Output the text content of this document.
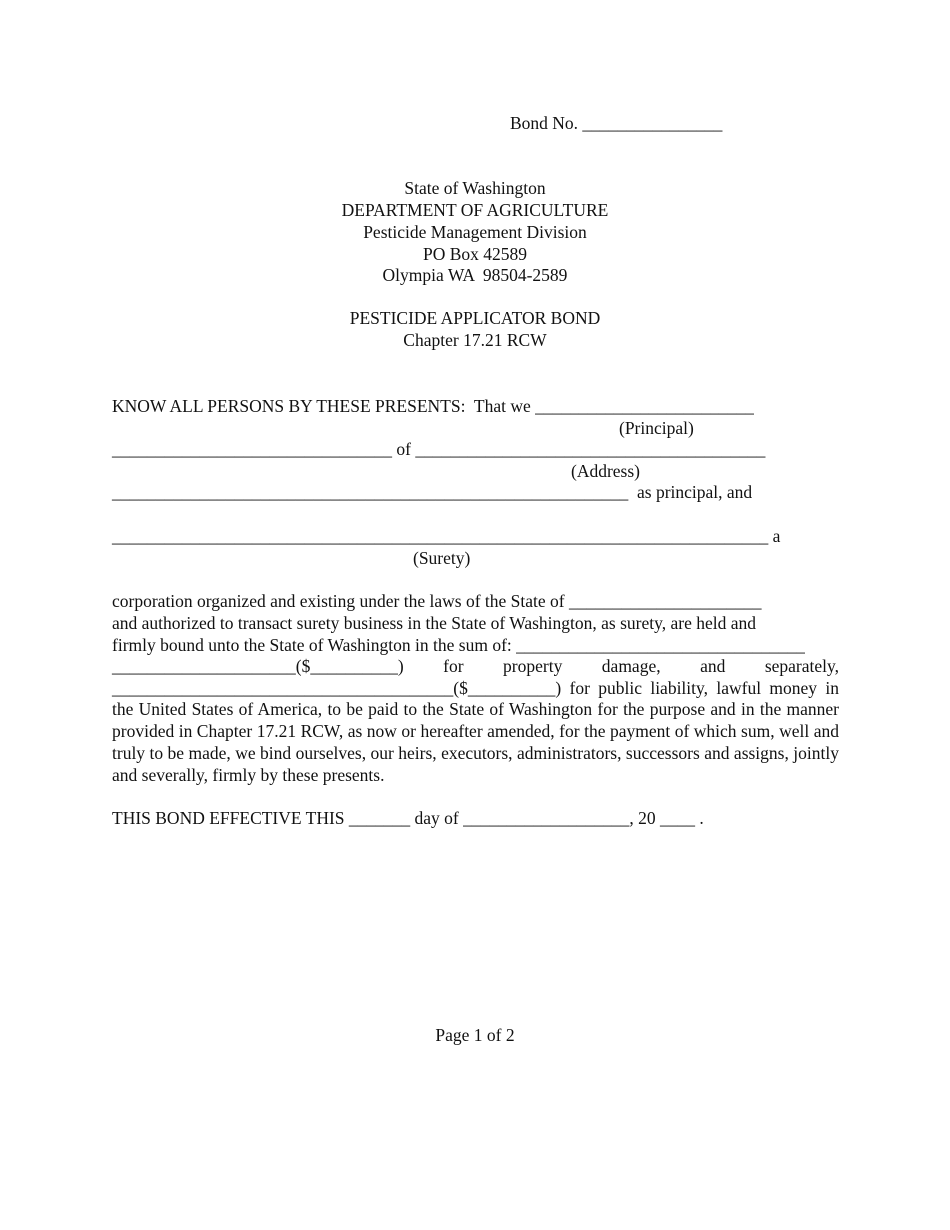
Bond No. ________________
State of Washington
DEPARTMENT OF AGRICULTURE
Pesticide Management Division
PO Box 42589
Olympia WA  98504-2589
PESTICIDE APPLICATOR BOND
Chapter 17.21 RCW
KNOW ALL PERSONS BY THESE PRESENTS:  That we _________________________
(Principal)
________________________________ of ________________________________________
(Address)
___________________________________________________________  as principal, and
___________________________________________________________________________ a
(Surety)
corporation organized and existing under the laws of the State of ______________________
and authorized to transact surety business in the State of Washington, as surety, are held and
firmly bound unto the State of Washington in the sum of: _________________________________
_____________________($__________) for property damage, and separately,
_______________________________________($__________) for public liability, lawful money in
the United States of America, to be paid to the State of Washington for the purpose and in the manner provided in Chapter 17.21 RCW, as now or hereafter amended, for the payment of which sum, well and truly to be made, we bind ourselves, our heirs, executors, administrators, successors and assigns, jointly and severally, firmly by these presents.
THIS BOND EFFECTIVE THIS _______ day of ___________________, 20 ____ .
Page 1 of 2
